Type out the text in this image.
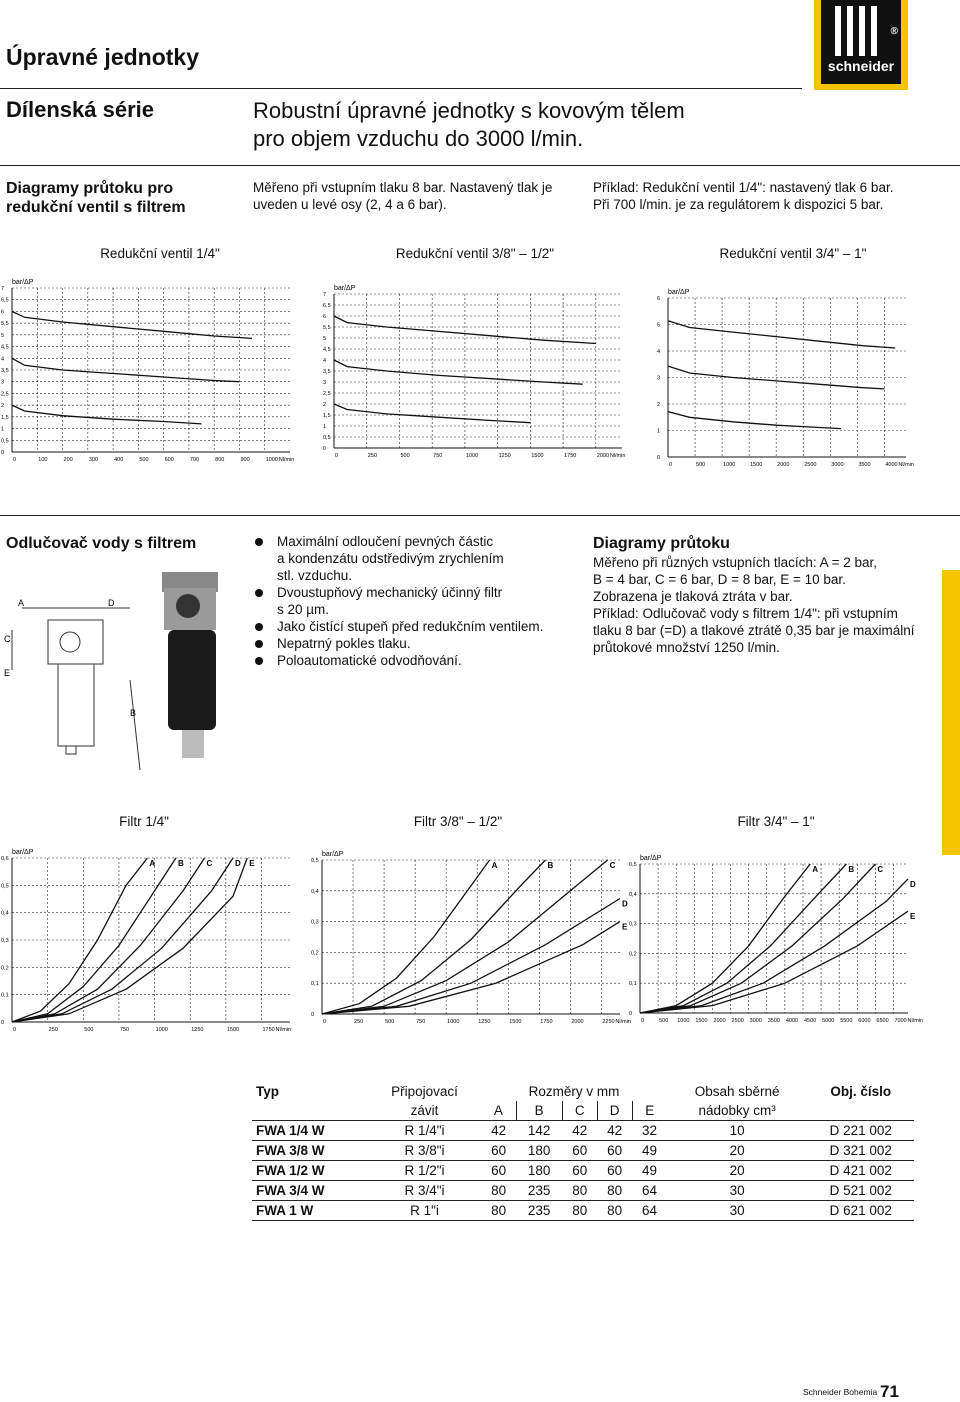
Úpravné jednotky	schneider
®
Dílenská série	Robustní úpravné jednotky s kovovým tělem
pro objem vzduchu do 3000 l/min.
Diagramy průtoku pro
redukční ventil s filtrem
Měřeno při vstupním tlaku 8 bar. Nastavený tlak je
uveden u levé osy (2, 4 a 6 bar).
Příklad: Redukční ventil 1/4": nastavený tlak 6 bar.
Při 700 l/min. je za regulátorem k dispozici 5 bar.
Redukční ventil 1/4"	Redukční ventil 3/8" – 1/2"	Redukční ventil 3/4" – 1"
bar/ΔP
0	100	200	300	400	500	600	700	800	900	1000 Nl/min
0
0,5
1
1,5
2
2,5
3
3,5
4
4,5
5
5,5
6
6,5
7	bar/ΔP
0	250	500	750	1000	1250	1500	1750	2000 Nl/min
0
0,5
1
1,5
2
2,5
3
3,5
4
4,5
5
5,5
6
6,5
7	bar/ΔP
0	500	1000	1500	2000	2500	3000	3500	4000 Nl/min
0
1
2
3
4
5
6
Odlučovač vody s filtrem
A	D
C
E
B
Maximální odloučení pevných částic
a kondenzátu odstředivým zrychlením
stl. vzduchu.
Dvoustupňový mechanický účinný filtr
s 20 µm.
Jako čistící stupeň před redukčním ventilem.
Nepatrný pokles tlaku.
Poloautomatické odvodňování.
Diagramy průtoku
Měřeno při různých vstupních tlacích: A = 2 bar,
B = 4 bar, C = 6 bar, D = 8 bar, E = 10 bar.
Zobrazena je tlaková ztráta v bar.
Příklad: Odlučovač vody s filtrem 1/4": při vstupním
tlaku 8 bar (=D) a tlakové ztrátě 0,35 bar je maximální
průtokové množství 1250 l/min.
Filtr 1/4"	Filtr 3/8" – 1/2"	Filtr 3/4" – 1"
bar/ΔP
0	250	500	750	1000	1250	1500	1750 Nl/min
0
0,1
0,2
0,3
0,4
0,5
0,6	A	B	C	D E
bar/ΔP
0	250	500	750	1000	1250	1500	1750	2000	2250 Nl/min
0
0,1
0,2
0,3
0,4
0,5	A	B	C
D
E
bar/ΔP
0	500 1000 1500 2000 2500 3000 3500 4000 4500 5000 5500 6000 6500 7000 Nl/min
0
0,1
0,2
0,3
0,4
0,5	A	B	C
D
E
Typ	Připojovací	Rozměry v mm					Obsah sběrné	Obj. číslo
	závit	A	B	C	D	E	nádobky cm³	
FWA 1/4 W	R 1/4"i	42	142	42	42	32	10	D 221 002
FWA 3/8 W	R 3/8"i	60	180	60	60	49	20	D 321 002
FWA 1/2 W	R 1/2"i	60	180	60	60	49	20	D 421 002
FWA 3/4 W	R 3/4"i	80	235	80	80	64	30	D 521 002
FWA 1 W	R 1"i	80	235	80	80	64	30	D 621 002
Schneider Bohemia 71
